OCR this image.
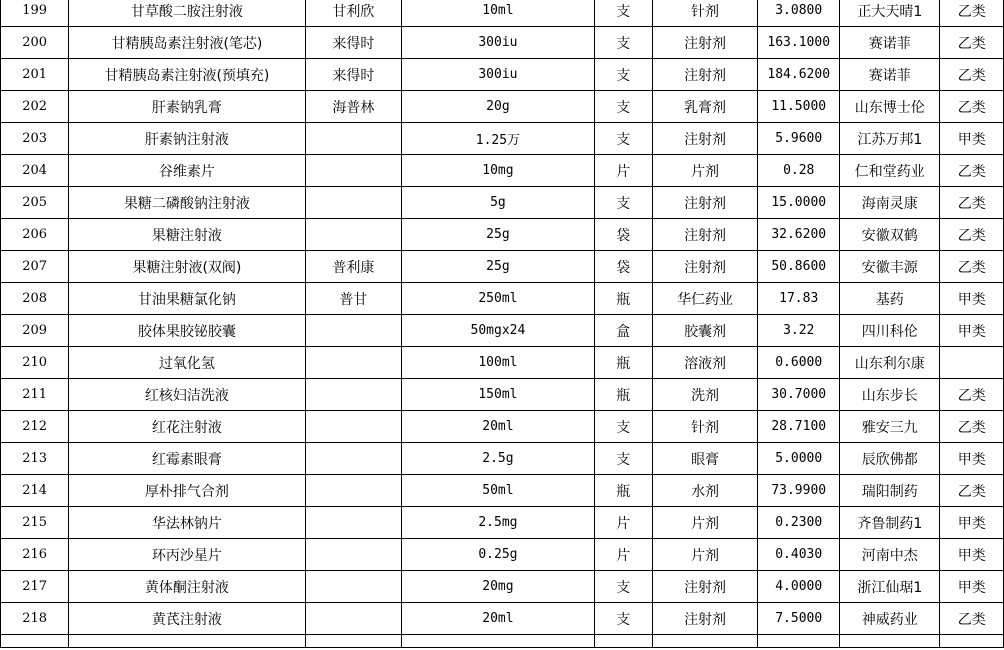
199	甘草酸二胺注射液	甘利欣	10ml	支	针剂	3.0800	正大天晴1	乙类
200	甘精胰岛素注射液(笔芯)	来得时	300iu	支	注射剂	163.1000	赛诺菲	乙类
201	甘精胰岛素注射液(预填充)	来得时	300iu	支	注射剂	184.6200	赛诺菲	乙类
202	肝素钠乳膏	海普林	20g	支	乳膏剂	11.5000	山东博士伦	乙类
203	肝素钠注射液		1.25万	支	注射剂	5.9600	江苏万邦1	甲类
204	谷维素片		10mg	片	片剂	0.28	仁和堂药业	乙类
205	果糖二磷酸钠注射液		5g	支	注射剂	15.0000	海南灵康	乙类
206	果糖注射液		25g	袋	注射剂	32.6200	安徽双鹤	乙类
207	果糖注射液(双阀)	普利康	25g	袋	注射剂	50.8600	安徽丰源	乙类
208	甘油果糖氯化钠	普甘	250ml	瓶	华仁药业	17.83	基药	甲类
209	胶体果胶铋胶囊		50mgx24	盒	胶囊剂	3.22	四川科伦	甲类
210	过氧化氢		100ml	瓶	溶液剂	0.6000	山东利尔康	
211	红核妇洁洗液		150ml	瓶	洗剂	30.7000	山东步长	乙类
212	红花注射液		20ml	支	针剂	28.7100	雅安三九	乙类
213	红霉素眼膏		2.5g	支	眼膏	5.0000	辰欣佛都	甲类
214	厚朴排气合剂		50ml	瓶	水剂	73.9900	瑞阳制药	乙类
215	华法林钠片		2.5mg	片	片剂	0.2300	齐鲁制药1	甲类
216	环丙沙星片		0.25g	片	片剂	0.4030	河南中杰	甲类
217	黄体酮注射液		20mg	支	注射剂	4.0000	浙江仙琚1	甲类
218	黄芪注射液		20ml	支	注射剂	7.5000	神威药业	乙类
